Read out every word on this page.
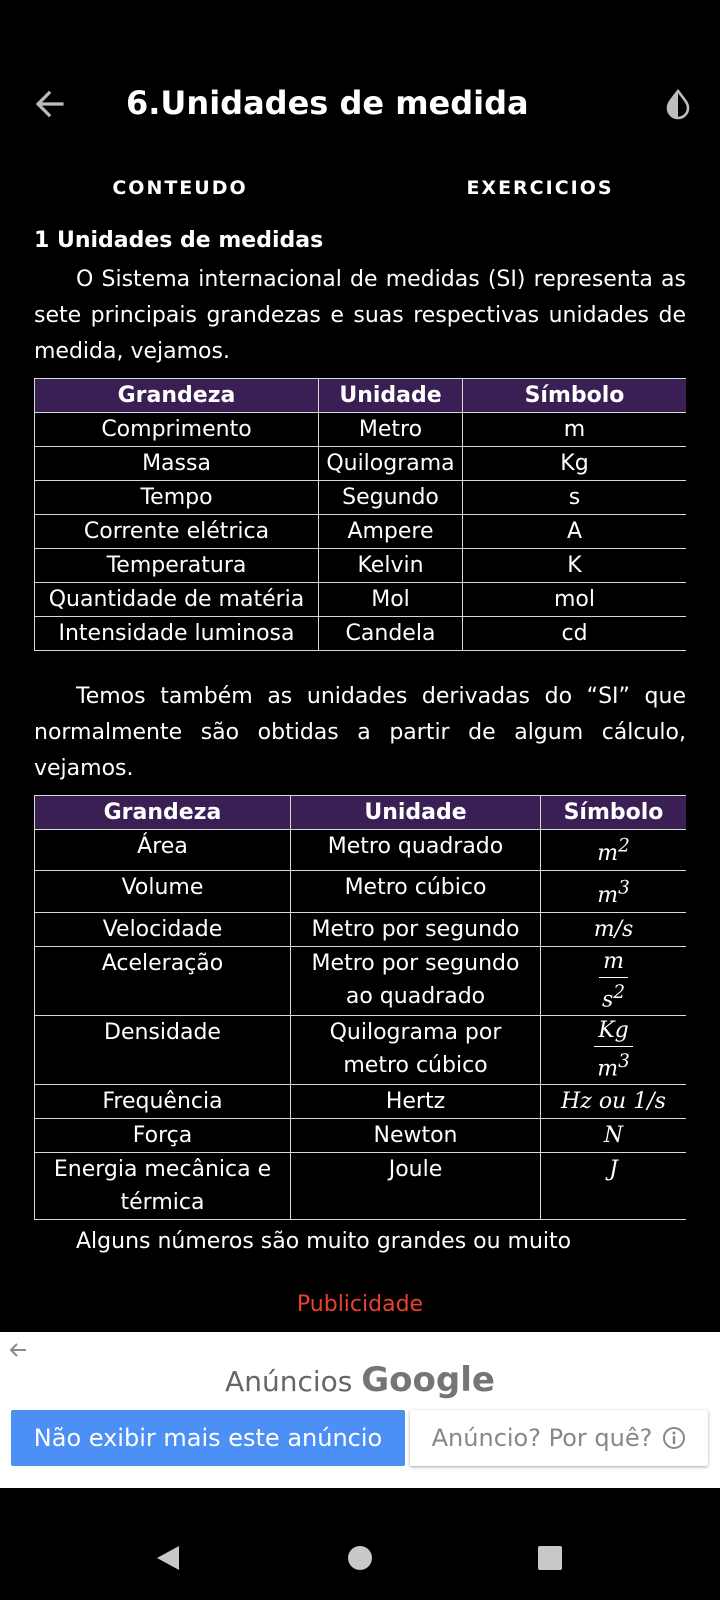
6.Unidades de medida
CONTEUDO	EXERCICIOS
1 Unidades de medidas

O Sistema internacional de medidas (SI) representa as sete principais grandezas e suas respectivas unidades de medida, vejamos.

Grandeza	Unidade	Símbolo
Comprimento	Metro	m
Massa	Quilograma	Kg
Tempo	Segundo	s
Corrente elétrica	Ampere	A
Temperatura	Kelvin	K
Quantidade de matéria	Mol	mol
Intensidade luminosa	Candela	cd

Temos também as unidades derivadas do “SI” que normalmente são obtidas a partir de algum cálculo, vejamos.

Grandeza	Unidade	Símbolo
Área	Metro quadrado	$m^2$
Volume	Metro cúbico	$m^3$
Velocidade	Metro por segundo	m/s
Aceleração	Metro por segundo ao quadrado	$\frac{m}{s^2}$

Densidade	Quilograma por metro cúbico	$\frac{Kg}{m^3}$

Frequência	Hertz	Hz ou 1/s
Força	Newton	N
Energia mecânica e térmica	Joule	J

Alguns números são muito grandes ou muito

Publicidade
Anúncios Google
Não exibir mais este anúncio	Anúncio? Por quê?
